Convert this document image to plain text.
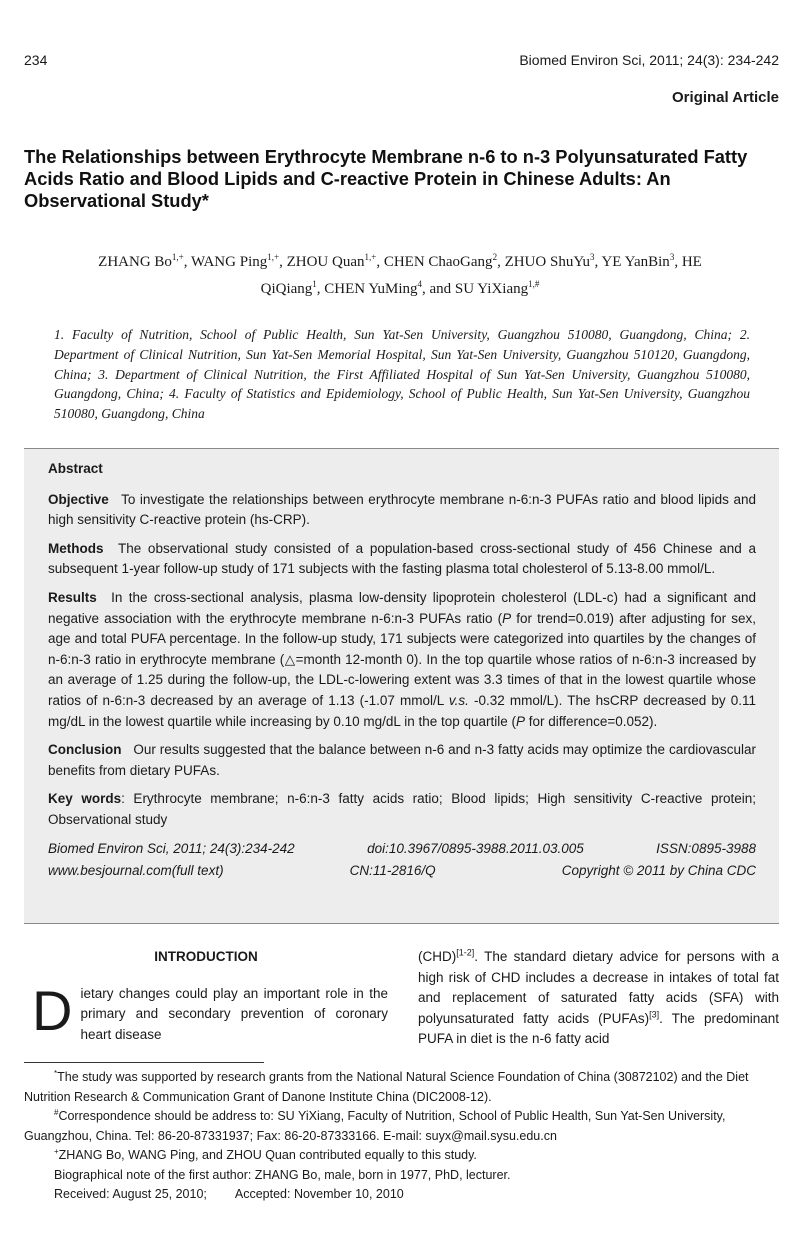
234	Biomed Environ Sci, 2011; 24(3): 234-242
Original Article
The Relationships between Erythrocyte Membrane n-6 to n-3 Polyunsaturated Fatty Acids Ratio and Blood Lipids and C-reactive Protein in Chinese Adults: An Observational Study*
ZHANG $Bo^{1,+}$, WANG Ping$^{1,+}$, ZHOU Quan$^{1,+}$, CHEN ChaoGang$^2$, ZHUO ShuYu$^3$, YE YanBin$^3$, HE QiQiang$^1$, CHEN YuMing$^4$, and SU YiXiang$^{1,\#}$
1. Faculty of Nutrition, School of Public Health, Sun Yat-Sen University, Guangzhou 510080, Guangdong, China; 2. Department of Clinical Nutrition, Sun Yat-Sen Memorial Hospital, Sun Yat-Sen University, Guangzhou 510120, Guangdong, China; 3. Department of Clinical Nutrition, the First Affiliated Hospital of Sun Yat-Sen University, Guangzhou 510080, Guangdong, China; 4. Faculty of Statistics and Epidemiology, School of Public Health, Sun Yat-Sen University, Guangzhou 510080, Guangdong, China

Abstract

Objective To investigate the relationships between erythrocyte membrane n-6:n-3 PUFAs ratio and blood lipids and high sensitivity C-reactive protein (hs-CRP).

Methods The observational study consisted of a population-based cross-sectional study of 456 Chinese and a subsequent 1-year follow-up study of 171 subjects with the fasting plasma total cholesterol of 5.13-8.00 mmol/L.

Results In the cross-sectional analysis, plasma low-density lipoprotein cholesterol (LDL-c) had a significant and negative association with the erythrocyte membrane n-6:n-3 PUFAs ratio (P for trend=0.019) after adjusting for sex, age and total PUFA percentage. In the follow-up study, 171 subjects were categorized into quartiles by the changes of n-6:n-3 ratio in erythrocyte membrane (△=month 12-month 0). In the top quartile whose ratios of n-6:n-3 increased by an average of 1.25 during the follow-up, the LDL-c-lowering extent was 3.3 times of that in the lowest quartile whose ratios of n-6:n-3 decreased by an average of 1.13 (-1.07 mmol/L v.s. -0.32 mmol/L). The hsCRP decreased by 0.11 mg/dL in the lowest quartile while increasing by 0.10 mg/dL in the top quartile (P for difference=0.052).

Conclusion Our results suggested that the balance between n-6 and n-3 fatty acids may optimize the cardiovascular benefits from dietary PUFAs.

Key words: Erythrocyte membrane; n-6:n-3 fatty acids ratio; Blood lipids; High sensitivity C-reactive protein; Observational study

Biomed Environ Sci, 2011; 24(3):234-242	doi:10.3967/0895-3988.2011.03.005	ISSN:0895-3988
www.besjournal.com(full text)	CN:11-2816/Q	Copyright © 2011 by China CDC
INTRODUCTION
Dietary changes could play an important role in the primary and secondary prevention of coronary heart disease
(CHD)[1-2]. The standard dietary advice for persons with a high risk of CHD includes a decrease in intakes of total fat and replacement of saturated fatty acids (SFA) with polyunsaturated fatty acids (PUFAs)[3]. The predominant PUFA in diet is the n-6 fatty acid

*The study was supported by research grants from the National Natural Science Foundation of China (30872102) and the Diet Nutrition Research & Communication Grant of Danone Institute China (DIC2008-12).

#Correspondence should be address to: SU YiXiang, Faculty of Nutrition, School of Public Health, Sun Yat-Sen University, Guangzhou, China. Tel: 86-20-87331937; Fax: 86-20-87333166. E-mail: suyx@mail.sysu.edu.cn

+ZHANG Bo, WANG Ping, and ZHOU Quan contributed equally to this study.

Biographical note of the first author: ZHANG Bo, male, born in 1977, PhD, lecturer.

Received: August 25, 2010; Accepted: November 10, 2010
